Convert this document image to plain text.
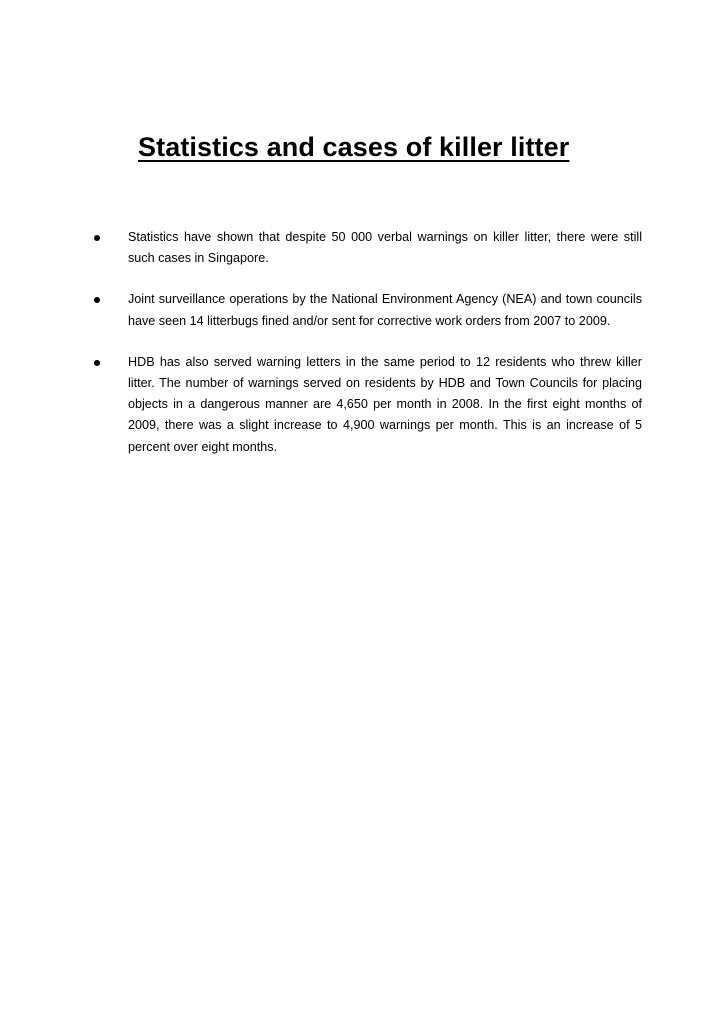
Statistics and cases of killer litter
Statistics have shown that despite 50 000 verbal warnings on killer litter, there were still such cases in Singapore.
Joint surveillance operations by the National Environment Agency (NEA) and town councils have seen 14 litterbugs fined and/or sent for corrective work orders from 2007 to 2009.
HDB has also served warning letters in the same period to 12 residents who threw killer litter. The number of warnings served on residents by HDB and Town Councils for placing objects in a dangerous manner are 4,650 per month in 2008. In the first eight months of 2009, there was a slight increase to 4,900 warnings per month. This is an increase of 5 percent over eight months.
